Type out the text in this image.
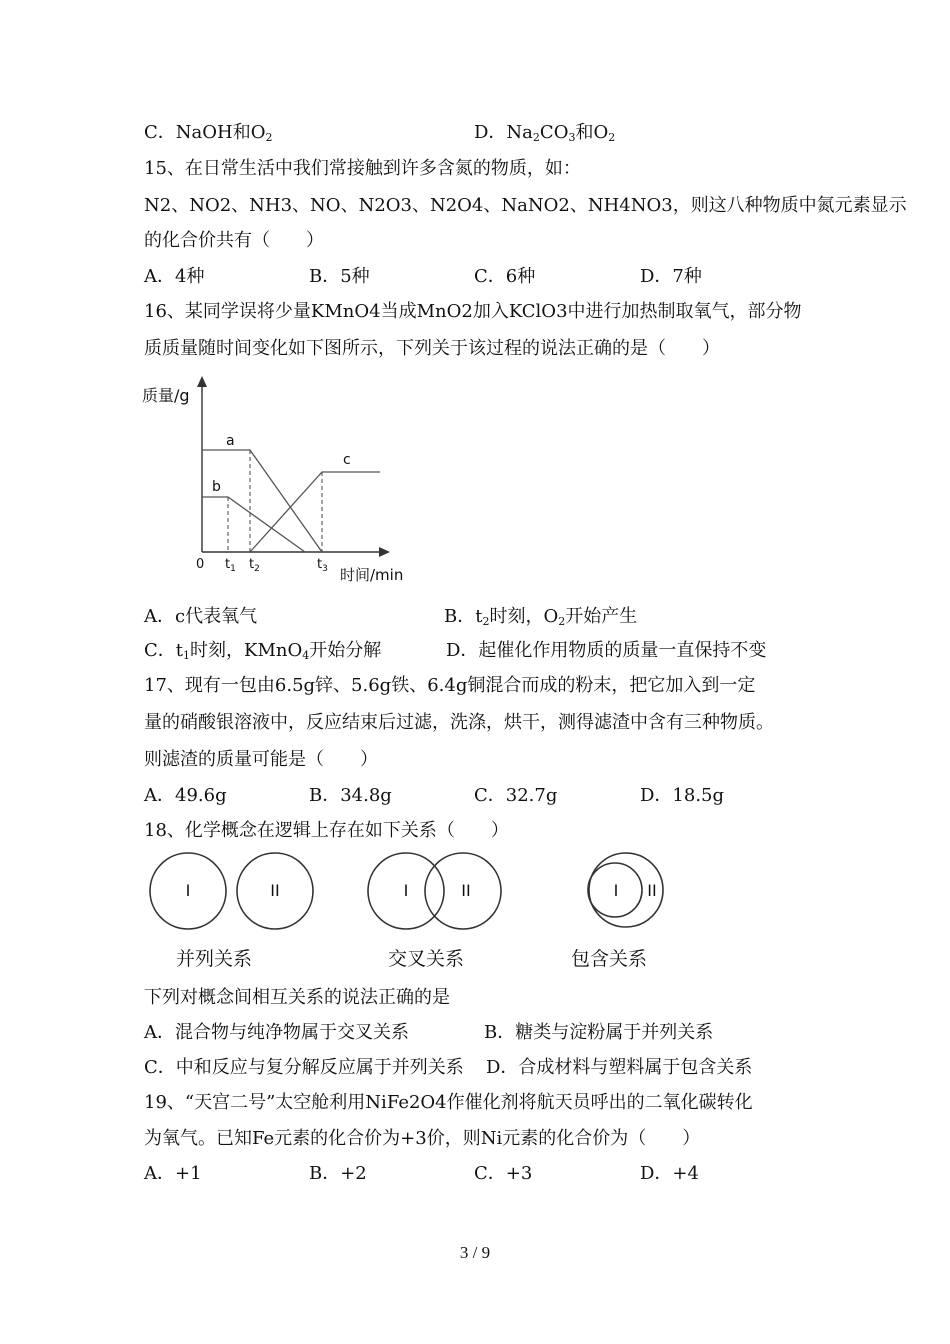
C．NaOH和$O_2$	D．$Na_2CO_3$和$O_2$
15、在日常生活中我们常接触到许多含氮的物质，如：
N2、NO2、NH3、NO、N2O3、N2O4、NaNO2、NH4NO3，则这八种物质中氮元素显示
的化合价共有（　　）
A．4种	B．5种	C．6种	D．7种
16、某同学误将少量KMnO4当成MnO2加入KClO3中进行加热制取氧气，部分物
质质量随时间变化如下图所示，下列关于该过程的说法正确的是（　　）
质量/g
时间/min
0
a
b
c
$t_1$ $t_2$	$t_3$
A．c代表氧气	B．$t_2$时刻，$O_2$开始产生
C．$t_1$时刻，KMnO$_4$开始分解	D．起催化作用物质的质量一直保持不变
17、现有一包由6.5g锌、5.6g铁、6.4g铜混合而成的粉末，把它加入到一定
量的硝酸银溶液中，反应结束后过滤，洗涤，烘干，测得滤渣中含有三种物质。
则滤渣的质量可能是（　　）
A．49.6g	B．34.8g	C．32.7g	D．18.5g
18、化学概念在逻辑上存在如下关系（　　）
I	II	I	II	I II
并列关系	交叉关系	包含关系
下列对概念间相互关系的说法正确的是
A．混合物与纯净物属于交叉关系	B．糖类与淀粉属于并列关系
C．中和反应与复分解反应属于并列关系 D．合成材料与塑料属于包含关系
19、“天宫二号”太空舱利用NiFe2O4作催化剂将航天员呼出的二氧化碳转化
为氧气。已知Fe元素的化合价为+3价，则Ni元素的化合价为（　　）
A．+1	B．+2	C．+3	D．+4
3 / 9
